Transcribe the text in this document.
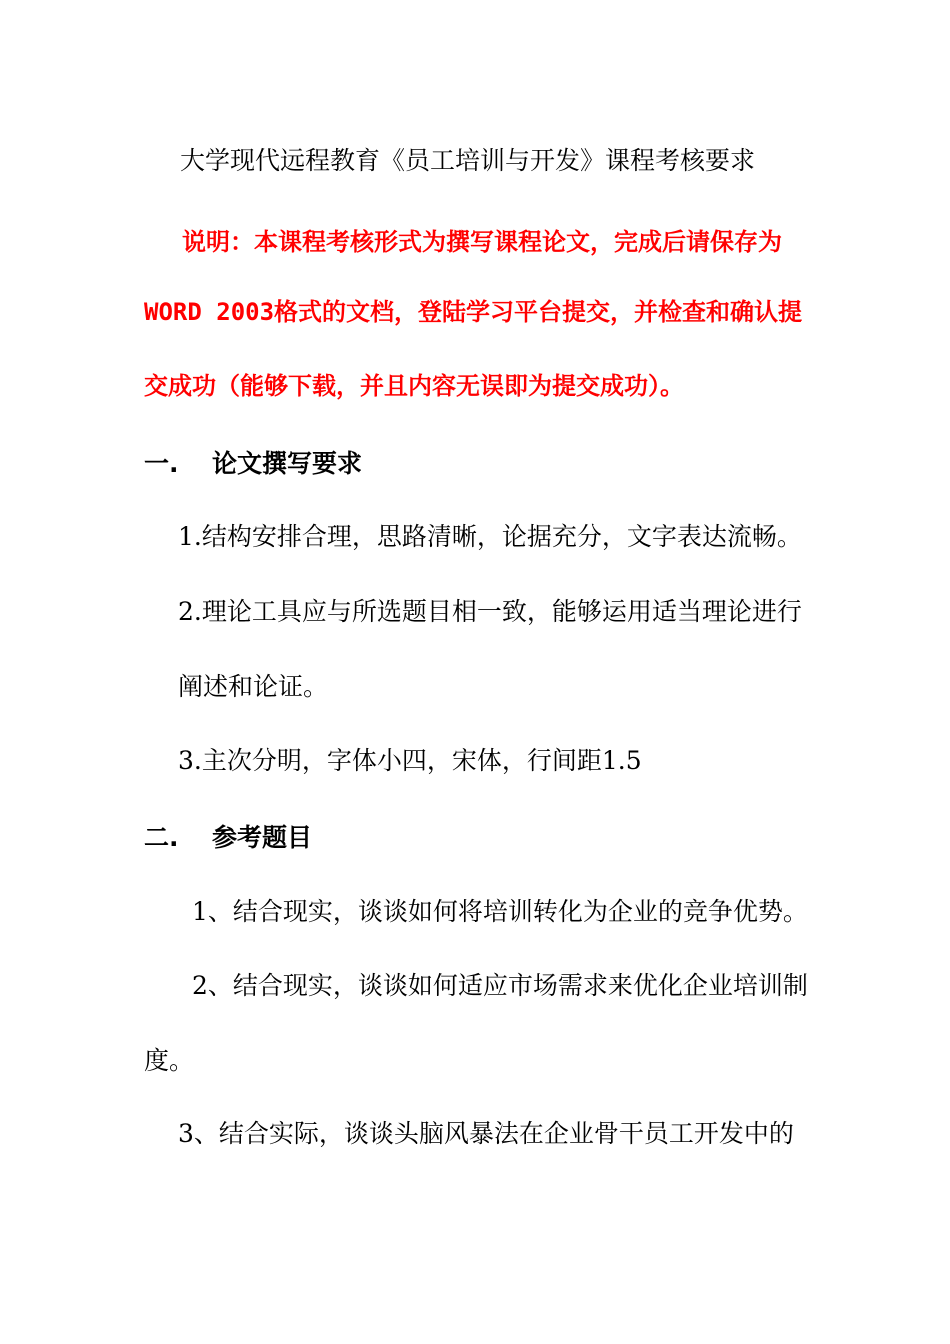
大学现代远程教育《员工培训与开发》课程考核要求
说明：本课程考核形式为撰写课程论文，完成后请保存为
WORD 2003格式的文档，登陆学习平台提交，并检查和确认提
交成功（能够下载，并且内容无误即为提交成功）。
一. 论文撰写要求
1.结构安排合理，思路清晰，论据充分，文字表达流畅。
2.理论工具应与所选题目相一致，能够运用适当理论进行
阐述和论证。
3.主次分明，字体小四，宋体，行间距1.5
二. 参考题目
1、结合现实，谈谈如何将培训转化为企业的竞争优势。
2、结合现实，谈谈如何适应市场需求来优化企业培训制
度。
3、结合实际，谈谈头脑风暴法在企业骨干员工开发中的
